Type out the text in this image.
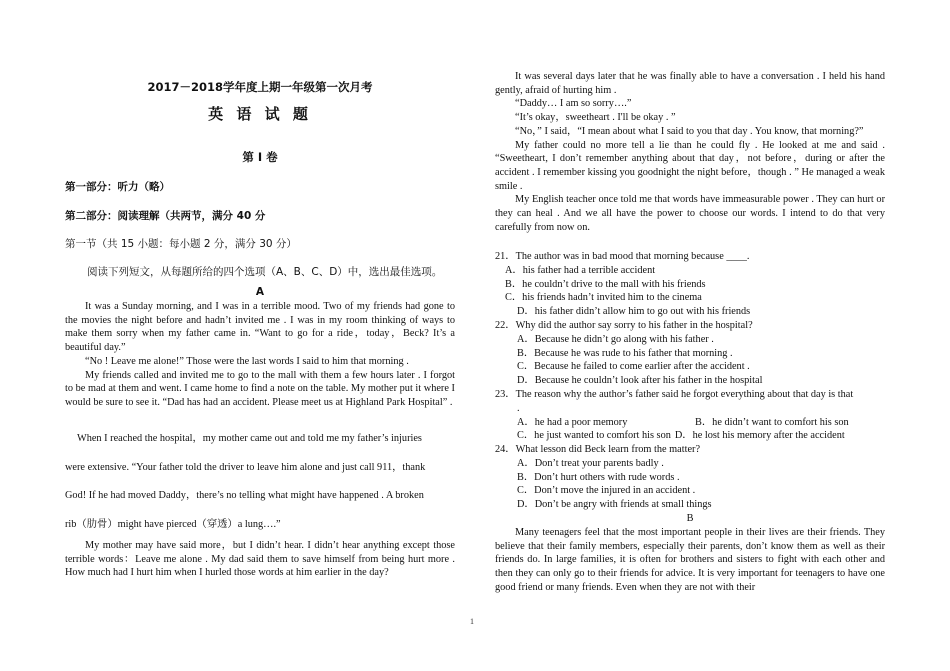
2017－2018学年度上期一年级第一次月考
英 语 试 题
第 Ⅰ 卷
第一部分：听力（略）
第二部分：阅读理解（共两节，满分 40 分
第一节（共 15 小题：每小题 2 分，满分 30 分）
阅读下列短文，从每题所给的四个选项（A、B、C、D）中，选出最佳选项。
A

It was a Sunday morning, and I was in a terrible mood. Two of my friends had gone to the movies the night before and hadn’t invited me . I was in my room thinking of ways to make them sorry when my father came in. “Want to go for a ride，today，Beck? It’s a beautiful day.”

“No ! Leave me alone!” Those were the last words I said to him that morning .

My friends called and invited me to go to the mall with them a few hours later . I forgot to be mad at them and went. I came home to find a note on the table. My mother put it where I would be sure to see it. “Dad has had an accident. Please meet us at Highland Park Hospital” .

When I reached the hospital，my mother came out and told me my father’s injuries
were extensive. “Your father told the driver to leave him alone and just call 911，thank
God! If he had moved Daddy，there’s no telling what might have happened . A broken
rib（肋骨）might have pierced（穿透）a lung….”

My mother may have said more，but I didn’t hear. I didn’t hear anything except those terrible words：Leave me alone . My dad said them to save himself from being hurt more . How much had I hurt him when I hurled those words at him earlier in the day?

It was several days later that he was finally able to have a conversation . I held his hand gently, afraid of hurting him .

“Daddy… I am so sorry….”

“It’s okay，sweetheart . I'll be okay . ”

“No，” I said，“I mean about what I said to you that day . You know, that morning?”

My father could no more tell a lie than he could fly . He looked at me and said . “Sweetheart, I don’t remember anything about that day，not before，during or after the accident . I remember kissing you goodnight the night before，though . ” He managed a weak smile .

My English teacher once told me that words have immeasurable power . They can hurt or they can heal . And we all have the power to choose our words. I intend to do that very carefully from now on.

21．The author was in bad mood that morning because ____.
A．his father had a terrible accident
B．he couldn’t drive to the mall with his friends
C．his friends hadn’t invited him to the cinema
D．his father didn’t allow him to go out with his friends
22．Why did the author say sorry to his father in the hospital?
A．Because he didn’t go along with his father .
B．Because he was rude to his father that morning .
C．Because he failed to come earlier after the accident .
D．Because he couldn’t look after his father in the hospital
23．The reason why the author’s father said he forgot everything about that day is that
.
A．he had a poor memory	B．he didn’t want to comfort his son
C．he just wanted to comfort his son D．he lost his memory after the accident
24．What lesson did Beck learn from the matter?
A．Don’t treat your parents badly .
B．Don’t hurt others with rude words .
C．Don’t move the injured in an accident .
D．Don’t be angry with friends at small things
B

Many teenagers feel that the most important people in their lives are their friends. They believe that their family members, especially their parents, don’t know them as well as their friends do. In large families, it is often for brothers and sisters to fight with each other and then they can only go to their friends for advice. It is very important for teenagers to have one good friend or many friends. Even when they are not with their

1
